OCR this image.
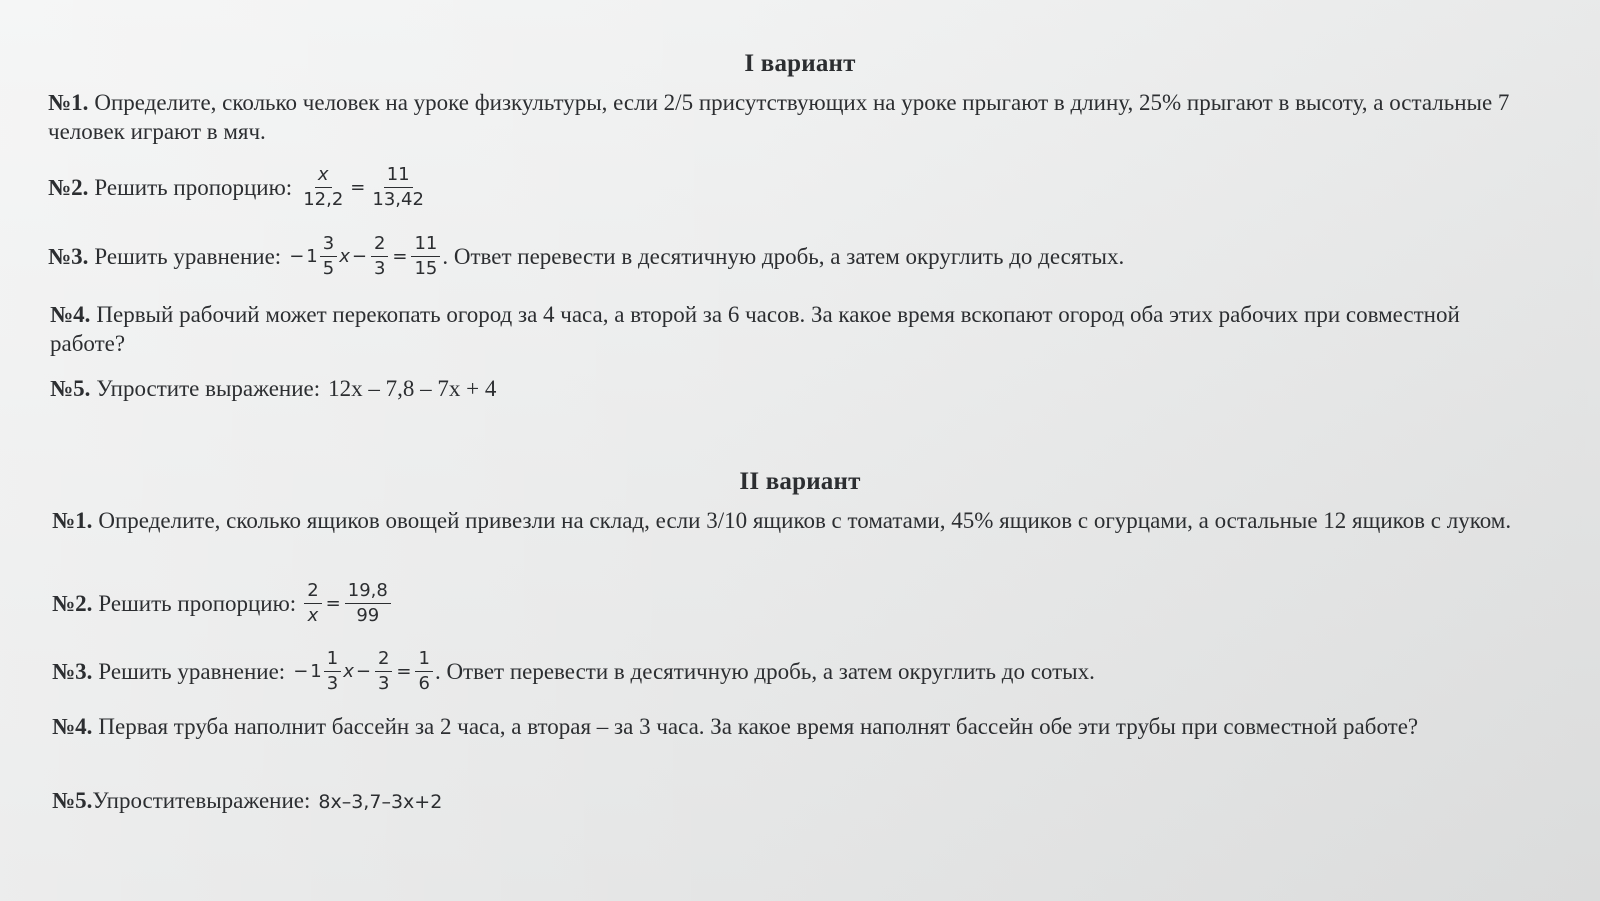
I вариант
№1. Определите, сколько человек на уроке физкультуры, если 2/5 присутствующих на уроке прыгают в длину, 25% прыгают в высоту, а остальные 7 человек играют в мяч.
№2. Решить пропорцию: $\frac{x}{12,2} = \frac{11}{13,42}$
№3. Решить уравнение: − $1 \frac{3}{5}$ $x - \frac{2}{3} = \frac{11}{15}$ . Ответ перевести в десятичную дробь, а затем округлить до десятых.
№4. Первый рабочий может перекопать огород за 4 часа, а второй за 6 часов. За какое время вскопают огород оба этих рабочих при совместной работе?
№5. Упростите выражение: 12х – 7,8 – 7х + 4
II вариант
№1. Определите, сколько ящиков овощей привезли на склад, если 3/10 ящиков с томатами, 45% ящиков с огурцами, а остальные 12 ящиков с луком.
№2. Решить пропорцию: $\frac{2}{x} = \frac{19,8}{99}$
№3. Решить уравнение: − $1 \frac{1}{3}$ $x - \frac{2}{3} = \frac{1}{6}$ . Ответ перевести в десятичную дробь, а затем округлить до сотых.
№4. Первая труба наполнит бассейн за 2 часа, а вторая – за 3 часа. За какое время наполнят бассейн обе эти трубы при совместной работе?
№5.Упроститевыражение: 8x–3,7–3x+2
